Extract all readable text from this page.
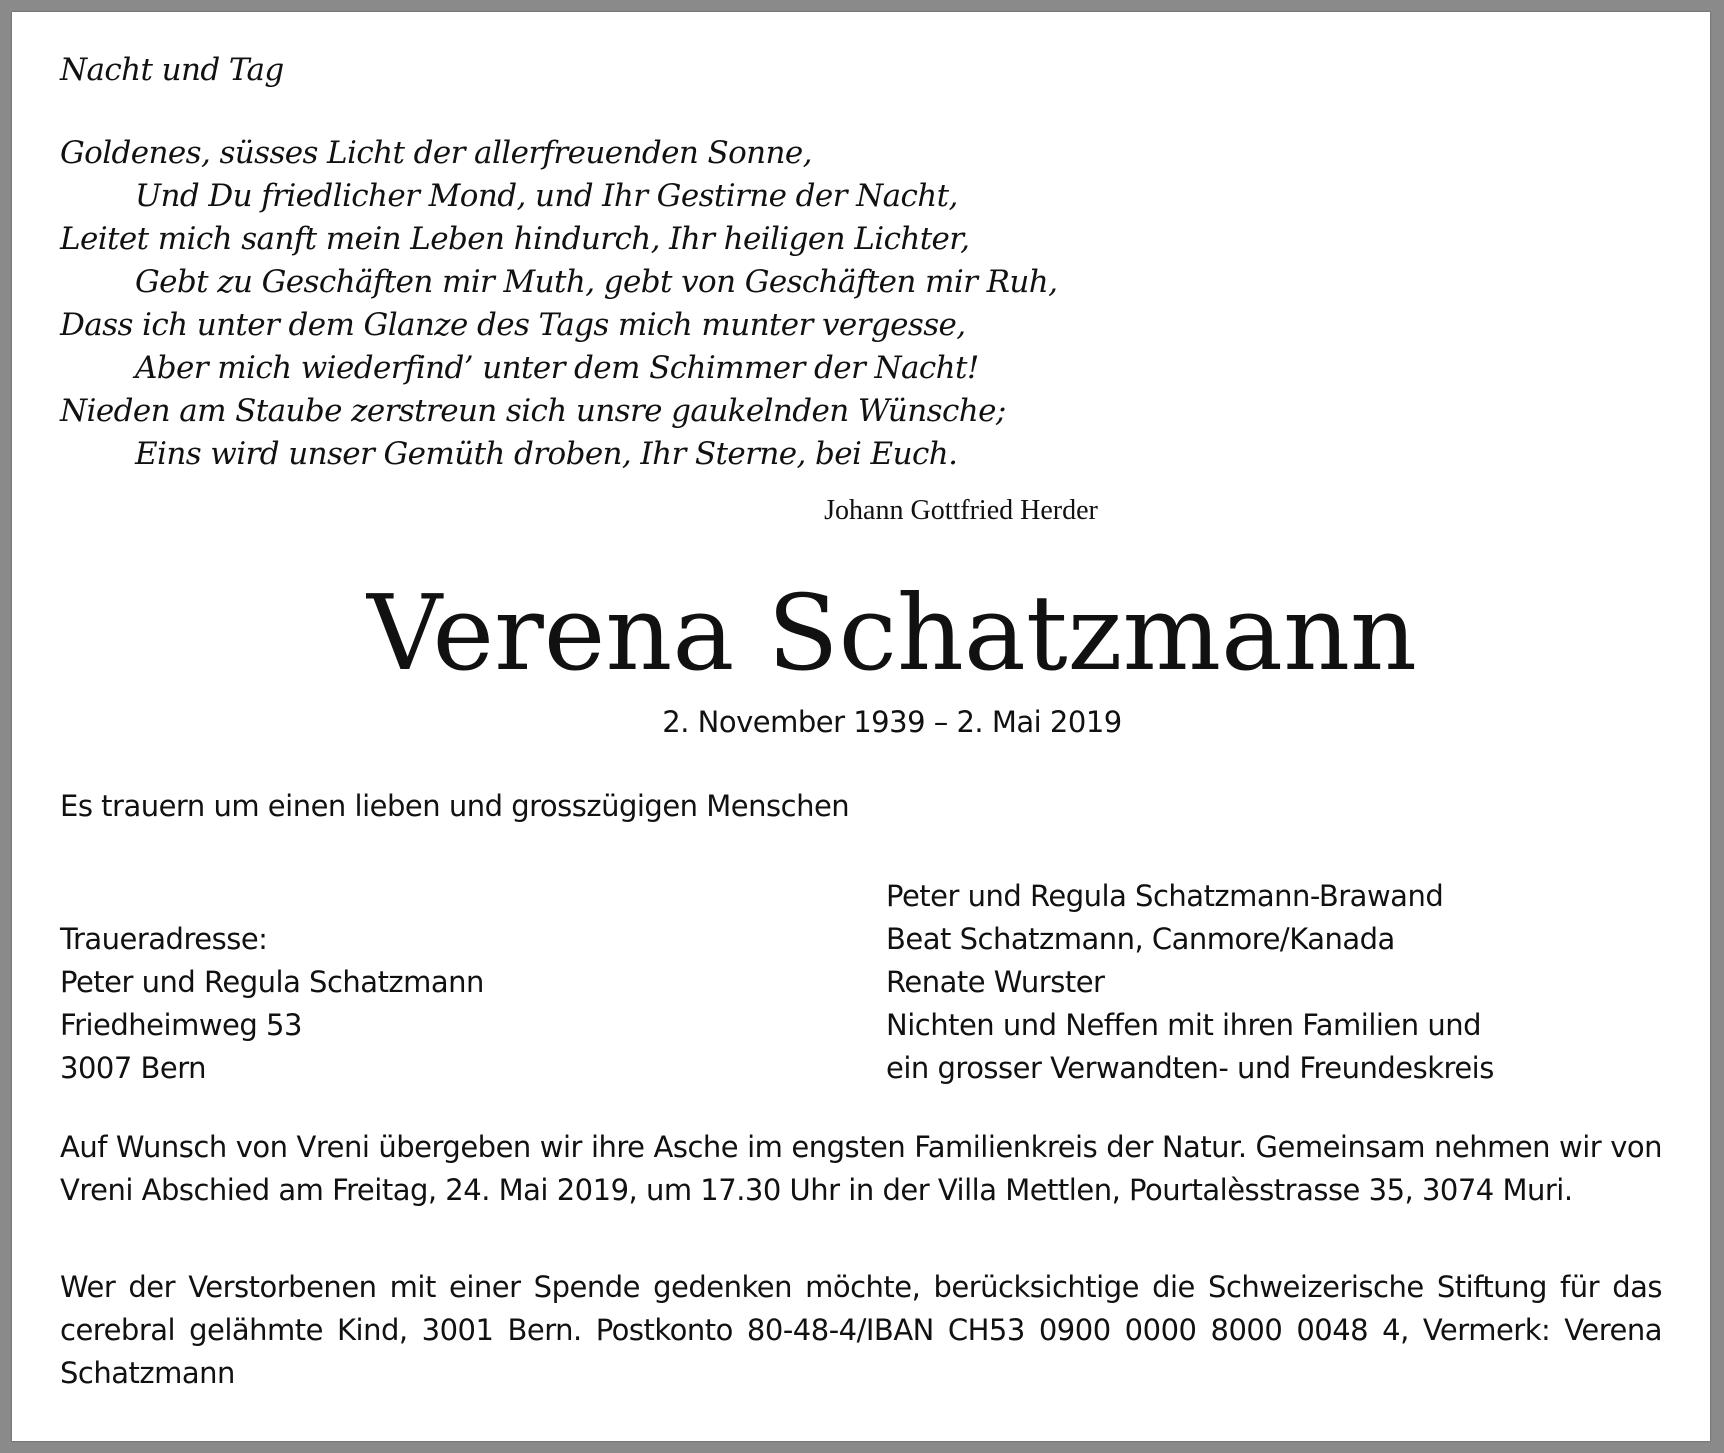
Nacht und Tag
Goldenes, süsses Licht der allerfreuenden Sonne,
Und Du friedlicher Mond, und Ihr Gestirne der Nacht,
Leitet mich sanft mein Leben hindurch, Ihr heiligen Lichter,
Gebt zu Geschäften mir Muth, gebt von Geschäften mir Ruh,
Dass ich unter dem Glanze des Tags mich munter vergesse,
Aber mich wiederfind’ unter dem Schimmer der Nacht!
Nieden am Staube zerstreun sich unsre gaukelnden Wünsche;
Eins wird unser Gemüth droben, Ihr Sterne, bei Euch.
Johann Gottfried Herder
Verena Schatzmann
2. November 1939 – 2. Mai 2019
Es trauern um einen lieben und grosszügigen Menschen
Traueradresse:
Peter und Regula Schatzmann
Friedheimweg 53
3007 Bern
Peter und Regula Schatzmann-Brawand
Beat Schatzmann, Canmore/Kanada
Renate Wurster
Nichten und Neffen mit ihren Familien und
ein grosser Verwandten- und Freundeskreis
Auf Wunsch von Vreni übergeben wir ihre Asche im engsten Familienkreis der Natur. Gemeinsam nehmen wir von Vreni Abschied am Freitag, 24. Mai 2019, um 17.30 Uhr in der Villa Mettlen, Pourtalèsstrasse 35, 3074 Muri.
Wer der Verstorbenen mit einer Spende gedenken möchte, berücksichtige die Schweizerische Stiftung für das cerebral gelähmte Kind, 3001 Bern. Postkonto 80-48-4/IBAN CH53 0900 0000 8000 0048 4, Vermerk: Verena Schatzmann
